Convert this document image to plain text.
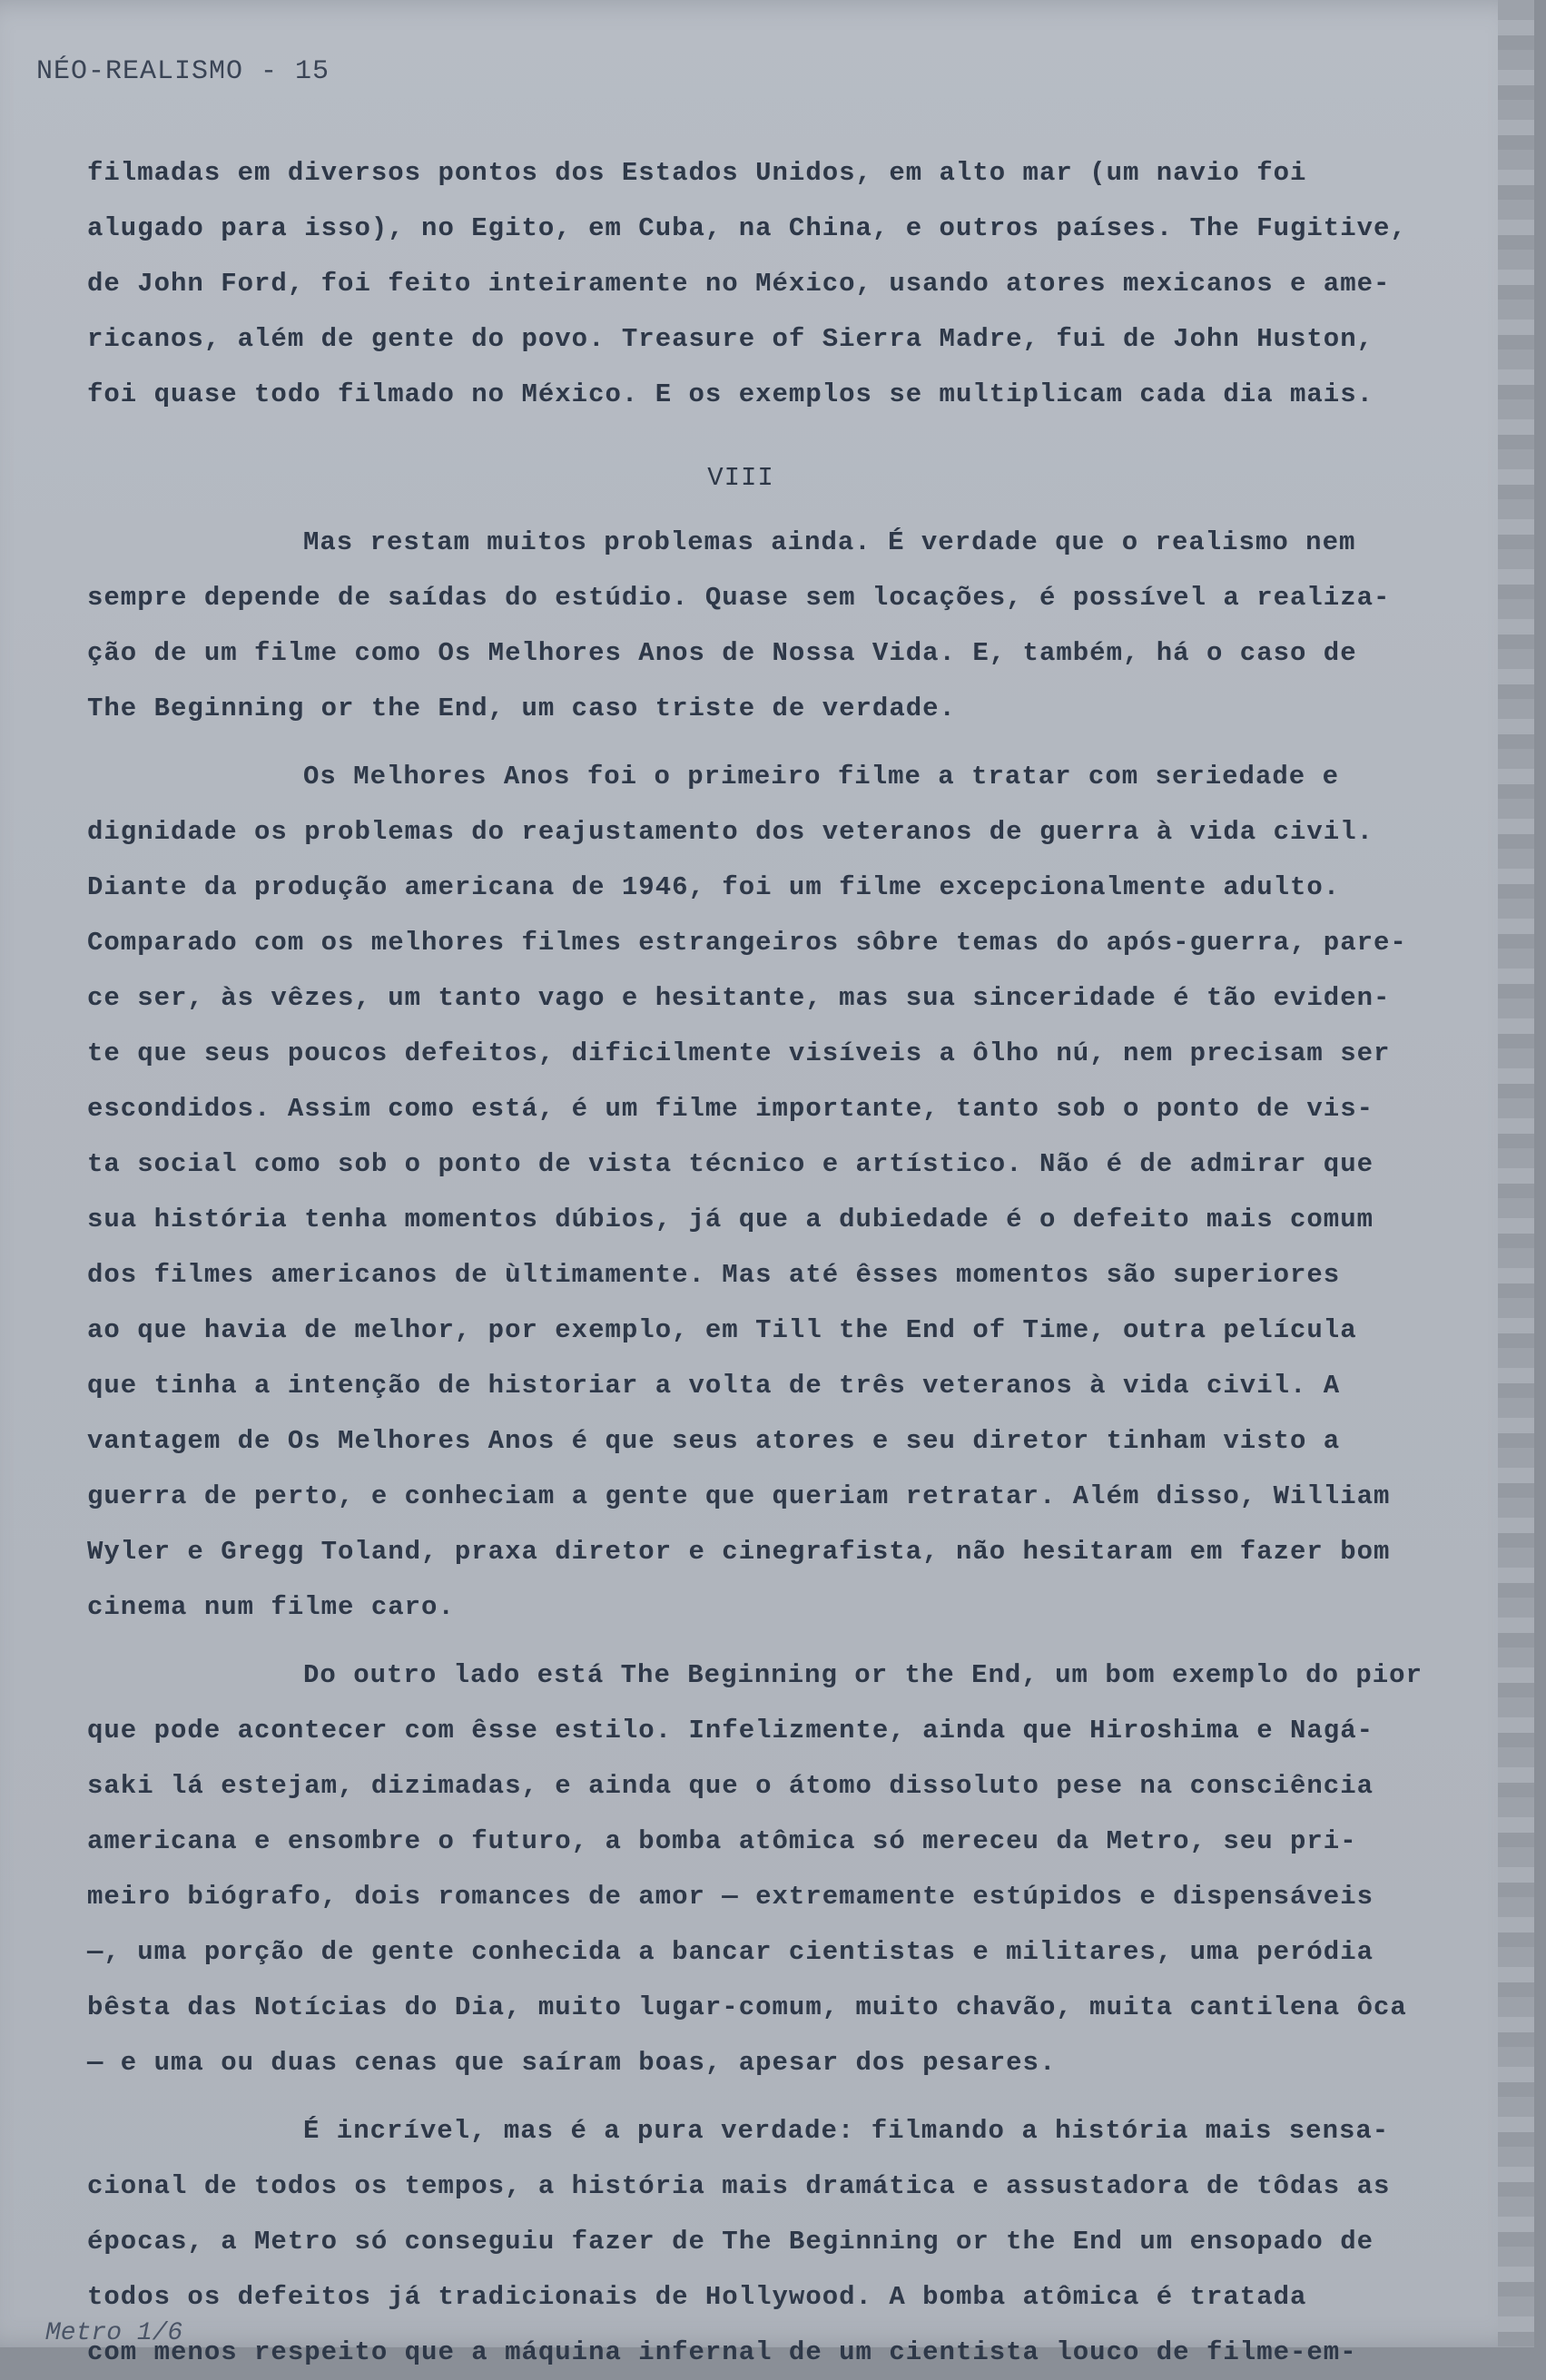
NÉO-REALISMO - 15
filmadas em diversos pontos dos Estados Unidos, em alto mar (um navio foi
alugado para isso), no Egito, em Cuba, na China, e outros países. The Fugitive,
de John Ford, foi feito inteiramente no México, usando atores mexicanos e ame-
ricanos, além de gente do povo. Treasure of Sierra Madre, fui de John Huston,
foi quase todo filmado no México. E os exemplos se multiplicam cada dia mais.
VIII
Mas restam muitos problemas ainda. É verdade que o realismo nem
sempre depende de saídas do estúdio. Quase sem locações, é possível a realiza-
ção de um filme como Os Melhores Anos de Nossa Vida. E, também, há o caso de
The Beginning or the End, um caso triste de verdade.
Os Melhores Anos foi o primeiro filme a tratar com seriedade e
dignidade os problemas do reajustamento dos veteranos de guerra à vida civil.
Diante da produção americana de 1946, foi um filme excepcionalmente adulto.
Comparado com os melhores filmes estrangeiros sôbre temas do após-guerra, pare-
ce ser, às vêzes, um tanto vago e hesitante, mas sua sinceridade é tão eviden-
te que seus poucos defeitos, dificilmente visíveis a ôlho nú, nem precisam ser
escondidos. Assim como está, é um filme importante, tanto sob o ponto de vis-
ta social como sob o ponto de vista técnico e artístico. Não é de admirar que
sua história tenha momentos dúbios, já que a dubiedade é o defeito mais comum
dos filmes americanos de ùltimamente. Mas até êsses momentos são superiores
ao que havia de melhor, por exemplo, em Till the End of Time, outra película
que tinha a intenção de historiar a volta de três veteranos à vida civil. A
vantagem de Os Melhores Anos é que seus atores e seu diretor tinham visto a
guerra de perto, e conheciam a gente que queriam retratar. Além disso, William
Wyler e Gregg Toland, praxa diretor e cinegrafista, não hesitaram em fazer bom
cinema num filme caro.
Do outro lado está The Beginning or the End, um bom exemplo do pior
que pode acontecer com êsse estilo. Infelizmente, ainda que Hiroshima e Nagá-
saki lá estejam, dizimadas, e ainda que o átomo dissoluto pese na consciência
americana e ensombre o futuro, a bomba atômica só mereceu da Metro, seu pri-
meiro biógrafo, dois romances de amor — extremamente estúpidos e dispensáveis
—, uma porção de gente conhecida a bancar cientistas e militares, uma peródia
bêsta das Notícias do Dia, muito lugar-comum, muito chavão, muita cantilena ôca
— e uma ou duas cenas que saíram boas, apesar dos pesares.
É incrível, mas é a pura verdade: filmando a história mais sensa-
cional de todos os tempos, a história mais dramática e assustadora de tôdas as
épocas, a Metro só conseguiu fazer de The Beginning or the End um ensopado de
todos os defeitos já tradicionais de Hollywood. A bomba atômica é tratada
com menos respeito que a máquina infernal de um cientista louco de filme-em-
Metro 1/6
